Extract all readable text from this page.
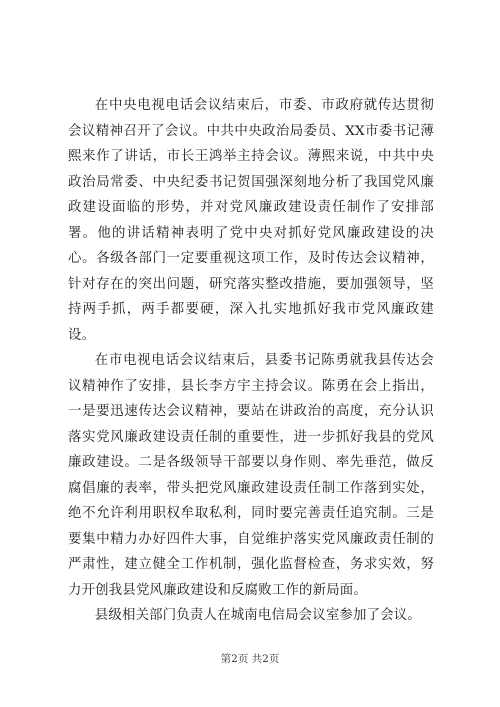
在中央电视电话会议结束后，市委、市政府就传达贯彻会议精神召开了会议。中共中央政治局委员、XX市委书记薄熙来作了讲话，市长王鸿举主持会议。薄熙来说，中共中央政治局常委、中央纪委书记贺国强深刻地分析了我国党风廉政建设面临的形势，并对党风廉政建设责任制作了安排部署。他的讲话精神表明了党中央对抓好党风廉政建设的决心。各级各部门一定要重视这项工作，及时传达会议精神，针对存在的突出问题，研究落实整改措施，要加强领导，坚持两手抓，两手都要硬，深入扎实地抓好我市党风廉政建设。

在市电视电话会议结束后，县委书记陈勇就我县传达会议精神作了安排，县长李方宇主持会议。陈勇在会上指出，一是要迅速传达会议精神，要站在讲政治的高度，充分认识落实党风廉政建设责任制的重要性，进一步抓好我县的党风廉政建设。二是各级领导干部要以身作则、率先垂范，做反腐倡廉的表率，带头把党风廉政建设责任制工作落到实处，绝不允许利用职权牟取私利，同时要完善责任追究制。三是要集中精力办好四件大事，自觉维护落实党风廉政责任制的严肃性，建立健全工作机制，强化监督检查，务求实效，努力开创我县党风廉政建设和反腐败工作的新局面。

县级相关部门负责人在城南电信局会议室参加了会议。

第2页 共2页
